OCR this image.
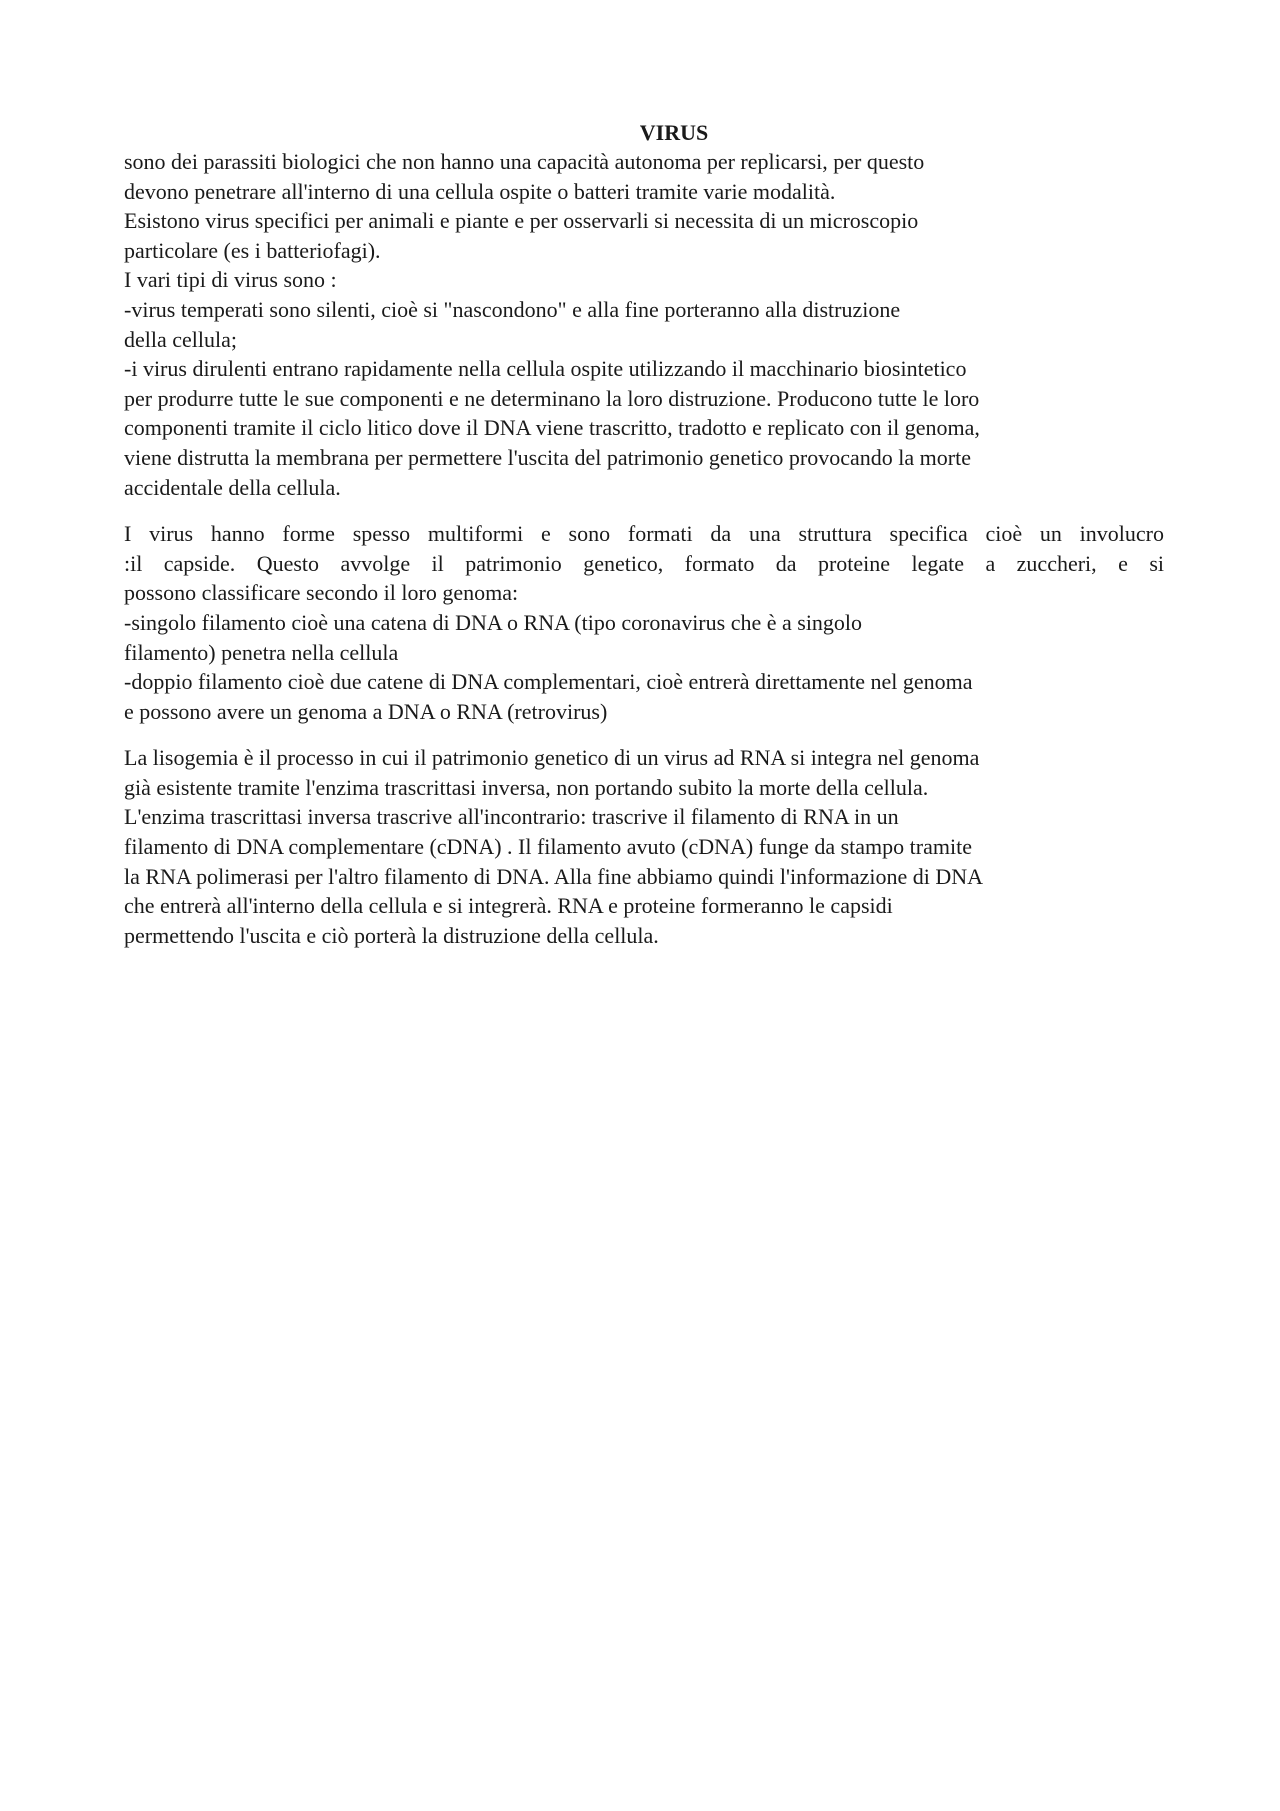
VIRUS

sono dei parassiti biologici che non hanno una capacità autonoma per replicarsi, per questo
devono penetrare all'interno di una cellula ospite o batteri tramite varie modalità.
Esistono virus specifici per animali e piante e per osservarli si necessita di un microscopio
particolare (es i batteriofagi).
I vari tipi di virus sono :
-virus temperati sono silenti, cioè si "nascondono" e alla fine porteranno alla distruzione
della cellula;
-i virus dirulenti entrano rapidamente nella cellula ospite utilizzando il macchinario biosintetico
per produrre tutte le sue componenti e ne determinano la loro distruzione. Producono tutte le loro
componenti tramite il ciclo litico dove il DNA viene trascritto, tradotto e replicato con il genoma,
viene distrutta la membrana per permettere l'uscita del patrimonio genetico provocando la morte
accidentale della cellula.

I virus hanno forme spesso multiformi e sono formati da una struttura specifica cioè un involucro
:il capside. Questo avvolge il patrimonio genetico, formato da proteine legate a zuccheri, e si
possono classificare secondo il loro genoma:
-singolo filamento cioè una catena di DNA o RNA (tipo coronavirus che è a singolo
filamento) penetra nella cellula
-doppio filamento cioè due catene di DNA complementari, cioè entrerà direttamente nel genoma
e possono avere un genoma a DNA o RNA (retrovirus)

La lisogemia è il processo in cui il patrimonio genetico di un virus ad RNA si integra nel genoma
già esistente tramite l'enzima trascrittasi inversa, non portando subito la morte della cellula.
L'enzima trascrittasi inversa trascrive all'incontrario: trascrive il filamento di RNA in un
filamento di DNA complementare (cDNA) . Il filamento avuto (cDNA) funge da stampo tramite
la RNA polimerasi per l'altro filamento di DNA. Alla fine abbiamo quindi l'informazione di DNA
che entrerà all'interno della cellula e si integrerà. RNA e proteine formeranno le capsidi
permettendo l'uscita e ciò porterà la distruzione della cellula.
